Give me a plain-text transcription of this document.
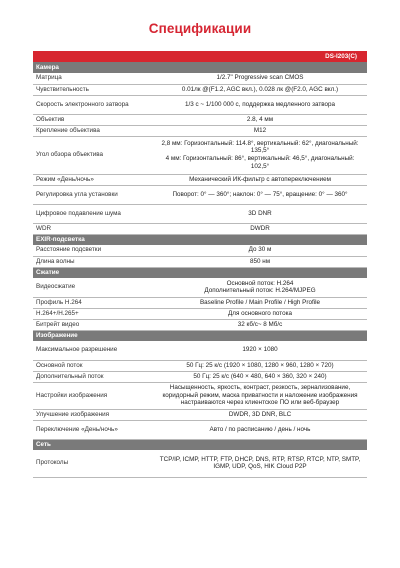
Спецификации
	DS-I203(C)
Камера	
Матрица	1/2.7" Progressive scan CMOS
Чувствительность	0.01лк @(F1.2, AGC вкл.), 0.028 лк @(F2.0, AGC вкл.)
Скорость электронного затвора	1/3 с ~ 1/100 000 с, поддержка медленного затвора
Объектив	2.8, 4 мм
Крепление объектива	M12
Угол обзора объектива	2,8 мм: Горизонтальный: 114.8°, вертикальный: 62°, диагональный: 135,5°
4 мм: Горизонтальный: 86°, вертикальный: 46,5°, диагональный: 102,5°
Режим «День/ночь»	Механический ИК-фильтр с автопереключением
Регулировка угла установки	Поворот: 0° — 360°; наклон: 0° — 75°, вращение: 0° — 360°
Цифровое подавление шума	3D DNR
WDR	DWDR
EXIR-подсветка	
Расстояние подсветки	До 30 м
Длина волны	850 нм
Сжатие	
Видеосжатие	Основной поток: H.264
Дополнительный поток: H.264/MJPEG
Профиль H.264	Baseline Profile / Main Profile / High Profile
H.264+/H.265+	Для основного потока
Битрейт видео	32 кб/с~ 8 Мб/с
Изображение	
Максимальное разрешение	1920 × 1080
Основной поток	50 Гц: 25 к/с (1920 × 1080, 1280 × 960, 1280 × 720)
Дополнительный поток	50 Гц: 25 к/с (640 × 480, 640 × 360, 320 × 240)
Настройки изображения	Насыщенность, яркость, контраст, резкость, зернализование, коридорный режим, маска приватности и наложение изображения настраиваются через клиентское ПО или веб-браузер
Улучшение изображения	DWDR, 3D DNR, BLC
Переключение «День/ночь»	Авто / по расписанию / день / ночь
Сеть	
Протоколы	TCP/IP, ICMP, HTTP, FTP, DHCP, DNS, RTP, RTSP, RTCP, NTP, SMTP, IGMP, UDP, QoS, HIK Cloud P2P
